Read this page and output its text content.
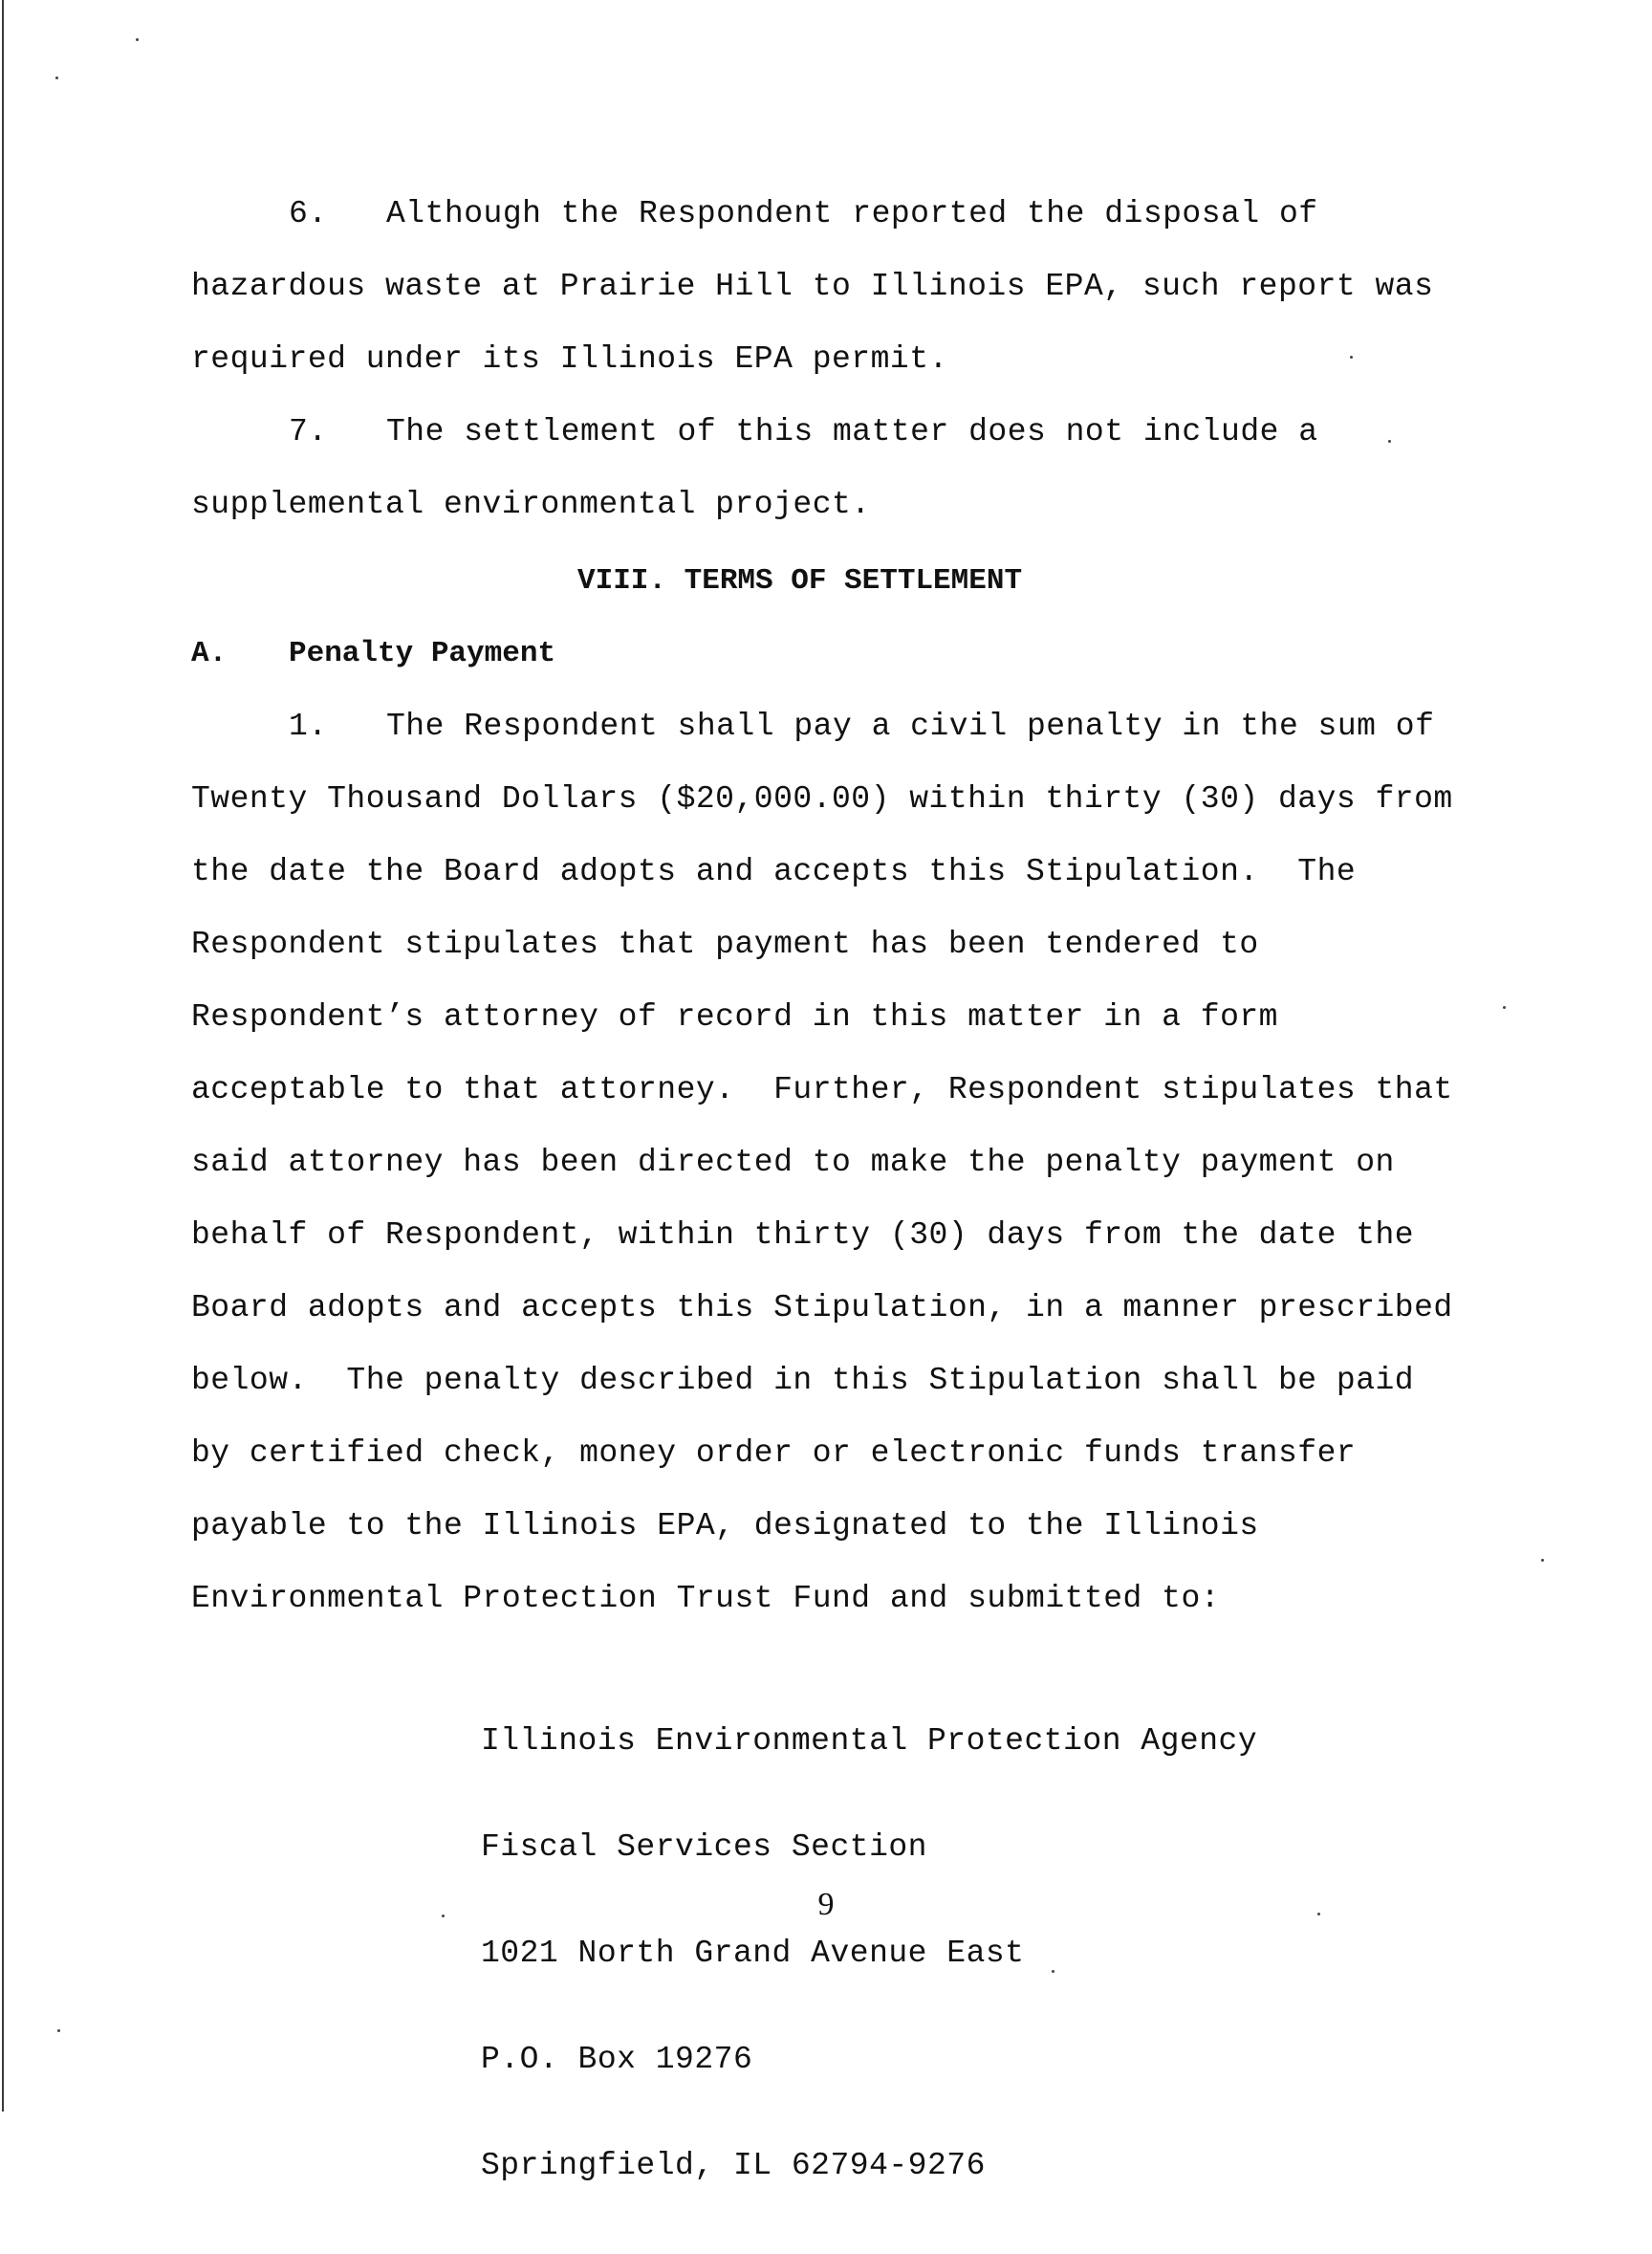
6. Although the Respondent reported the disposal of
hazardous waste at Prairie Hill to Illinois EPA, such report was
required under its Illinois EPA permit.
7. The settlement of this matter does not include a
supplemental environmental project.
VIII. TERMS OF SETTLEMENT
A. Penalty Payment
1. The Respondent shall pay a civil penalty in the sum of
Twenty Thousand Dollars ($20,000.00) within thirty (30) days from
the date the Board adopts and accepts this Stipulation.  The
Respondent stipulates that payment has been tendered to
Respondent’s attorney of record in this matter in a form
acceptable to that attorney.  Further, Respondent stipulates that
said attorney has been directed to make the penalty payment on
behalf of Respondent, within thirty (30) days from the date the
Board adopts and accepts this Stipulation, in a manner prescribed
below.  The penalty described in this Stipulation shall be paid
by certified check, money order or electronic funds transfer
payable to the Illinois EPA, designated to the Illinois
Environmental Protection Trust Fund and submitted to:

Illinois Environmental Protection Agency

Fiscal Services Section

1021 North Grand Avenue East

P.O. Box 19276

Springfield, IL 62794-9276

9
